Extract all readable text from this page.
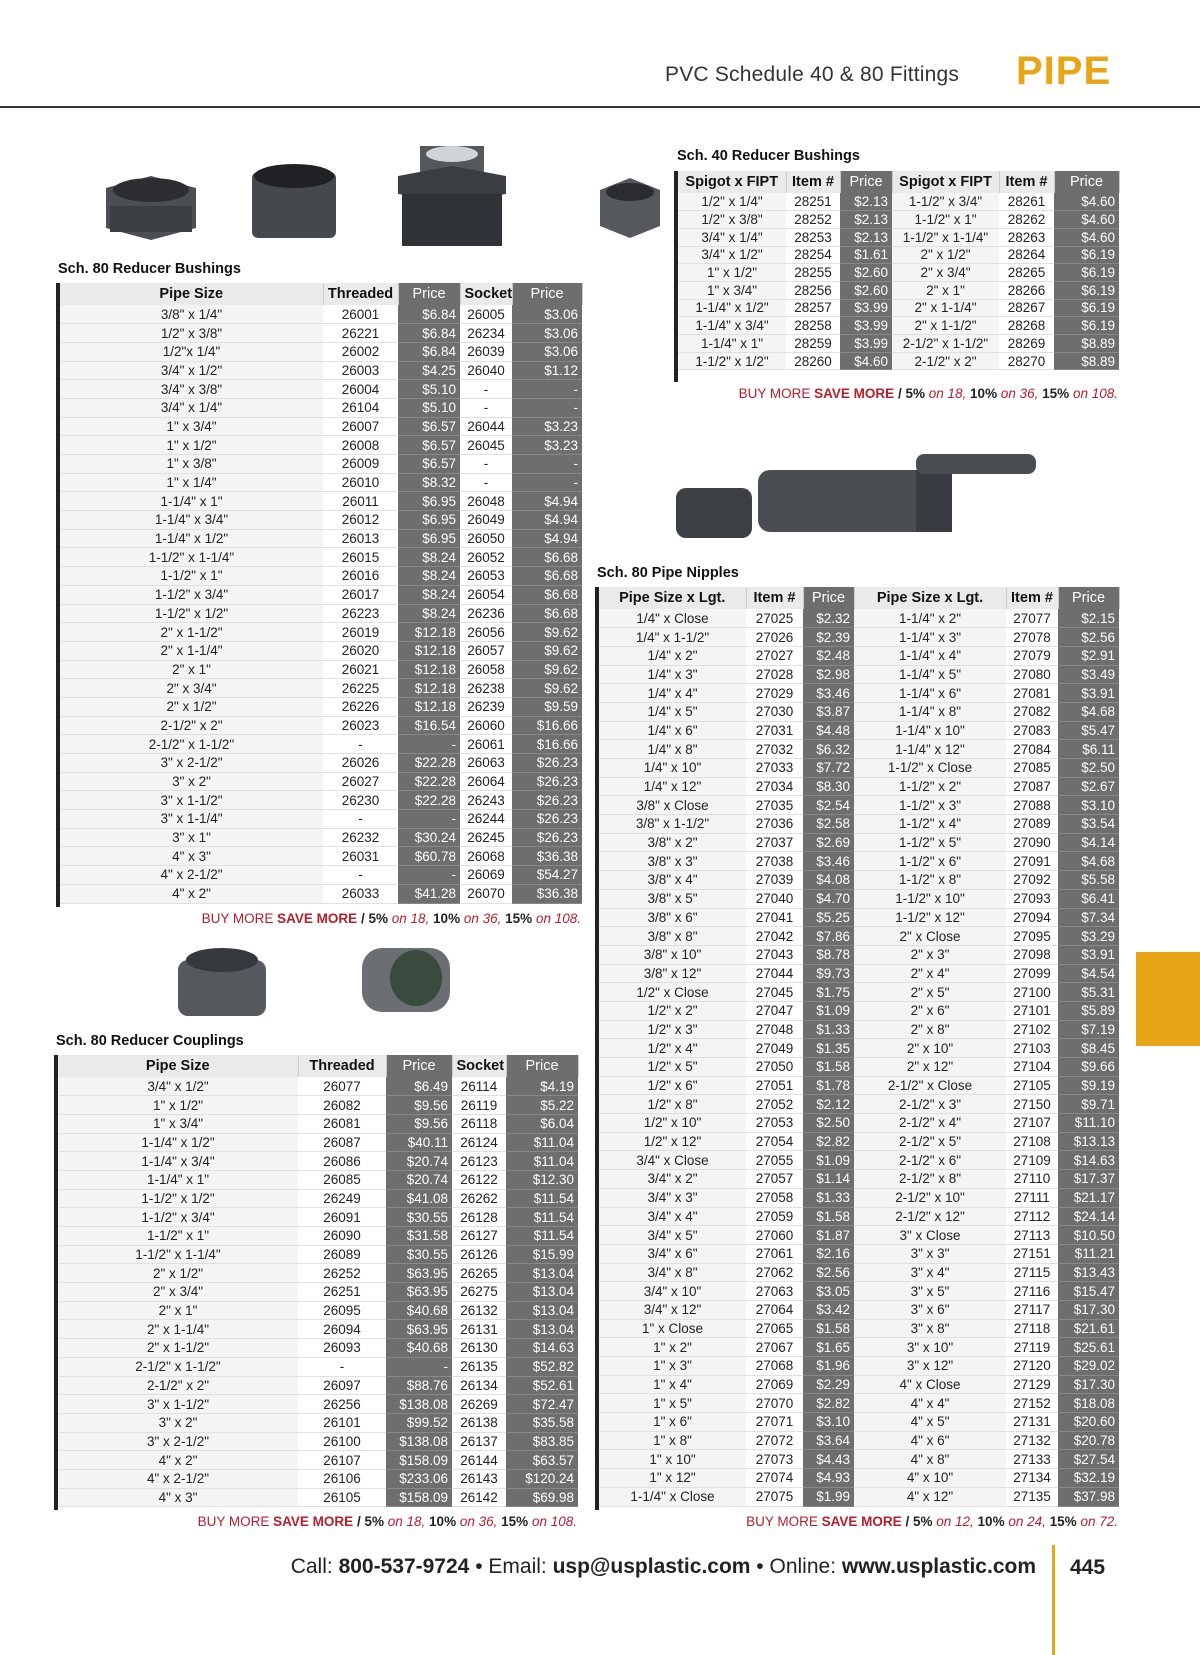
PVC Schedule 40 & 80 Fittings PIPE
Sch. 40 Reducer Bushings
Spigot x FIPT	Item #	Price	Spigot x FIPT	Item #	Price
1/2" x 1/4"	28251	$2.13	1-1/2" x 3/4"	28261	$4.60
1/2" x 3/8"	28252	$2.13	1-1/2" x 1"	28262	$4.60
3/4" x 1/4"	28253	$2.13	1-1/2" x 1-1/4"	28263	$4.60
3/4" x 1/2"	28254	$1.61	2" x 1/2"	28264	$6.19
1" x 1/2"	28255	$2.60	2" x 3/4"	28265	$6.19
1" x 3/4"	28256	$2.60	2" x 1"	28266	$6.19
1-1/4" x 1/2"	28257	$3.99	2" x 1-1/4"	28267	$6.19
1-1/4" x 3/4"	28258	$3.99	2" x 1-1/2"	28268	$6.19
1-1/4" x 1"	28259	$3.99	2-1/2" x 1-1/2"	28269	$8.89
1-1/2" x 1/2"	28260	$4.60	2-1/2" x 2"	28270	$8.89
BUY MORE SAVE MORE / 5% on 18, 10% on 36, 15% on 108.
Sch. 80 Reducer Bushings
Pipe Size	Threaded	Price	Socket	Price
3/8" x 1/4"	26001	$6.84	26005	$3.06
1/2" x 3/8"	26221	$6.84	26234	$3.06
1/2"x 1/4"	26002	$6.84	26039	$3.06
3/4" x 1/2"	26003	$4.25	26040	$1.12
3/4" x 3/8"	26004	$5.10	-	-
3/4" x 1/4"	26104	$5.10	-	-
1" x 3/4"	26007	$6.57	26044	$3.23
1" x 1/2"	26008	$6.57	26045	$3.23
1" x 3/8"	26009	$6.57	-	-
1" x 1/4"	26010	$8.32	-	-
1-1/4" x 1"	26011	$6.95	26048	$4.94
1-1/4" x 3/4"	26012	$6.95	26049	$4.94
1-1/4" x 1/2"	26013	$6.95	26050	$4.94
1-1/2" x 1-1/4"	26015	$8.24	26052	$6.68
1-1/2" x 1"	26016	$8.24	26053	$6.68
1-1/2" x 3/4"	26017	$8.24	26054	$6.68
1-1/2" x 1/2"	26223	$8.24	26236	$6.68
2" x 1-1/2"	26019	$12.18	26056	$9.62
2" x 1-1/4"	26020	$12.18	26057	$9.62
2" x 1"	26021	$12.18	26058	$9.62
2" x 3/4"	26225	$12.18	26238	$9.62
2" x 1/2"	26226	$12.18	26239	$9.59
2-1/2" x 2"	26023	$16.54	26060	$16.66
2-1/2" x 1-1/2"	-	-	26061	$16.66
3" x 2-1/2"	26026	$22.28	26063	$26.23
3" x 2"	26027	$22.28	26064	$26.23
3" x 1-1/2"	26230	$22.28	26243	$26.23
3" x 1-1/4"	-	-	26244	$26.23
3" x 1"	26232	$30.24	26245	$26.23
4" x 3"	26031	$60.78	26068	$36.38
4" x 2-1/2"	-	-	26069	$54.27
4" x 2"	26033	$41.28	26070	$36.38
BUY MORE SAVE MORE / 5% on 18, 10% on 36, 15% on 108.
Sch. 80 Reducer Couplings
Pipe Size	Threaded	Price	Socket	Price
3/4" x 1/2"	26077	$6.49	26114	$4.19
1" x 1/2"	26082	$9.56	26119	$5.22
1" x 3/4"	26081	$9.56	26118	$6.04
1-1/4" x 1/2"	26087	$40.11	26124	$11.04
1-1/4" x 3/4"	26086	$20.74	26123	$11.04
1-1/4" x 1"	26085	$20.74	26122	$12.30
1-1/2" x 1/2"	26249	$41.08	26262	$11.54
1-1/2" x 3/4"	26091	$30.55	26128	$11.54
1-1/2" x 1"	26090	$31.58	26127	$11.54
1-1/2" x 1-1/4"	26089	$30.55	26126	$15.99
2" x 1/2"	26252	$63.95	26265	$13.04
2" x 3/4"	26251	$63.95	26275	$13.04
2" x 1"	26095	$40.68	26132	$13.04
2" x 1-1/4"	26094	$63.95	26131	$13.04
2" x 1-1/2"	26093	$40.68	26130	$14.63
2-1/2" x 1-1/2"	-	-	26135	$52.82
2-1/2" x 2"	26097	$88.76	26134	$52.61
3" x 1-1/2"	26256	$138.08	26269	$72.47
3" x 2"	26101	$99.52	26138	$35.58
3" x 2-1/2"	26100	$138.08	26137	$83.85
4" x 2"	26107	$158.09	26144	$63.57
4" x 2-1/2"	26106	$233.06	26143	$120.24
4" x 3"	26105	$158.09	26142	$69.98
BUY MORE SAVE MORE / 5% on 18, 10% on 36, 15% on 108.
Sch. 80 Pipe Nipples
Pipe Size x Lgt.	Item #	Price	Pipe Size x Lgt.	Item #	Price
1/4" x Close	27025	$2.32	1-1/4" x 2"	27077	$2.15
1/4" x 1-1/2"	27026	$2.39	1-1/4" x 3"	27078	$2.56
1/4" x 2"	27027	$2.48	1-1/4" x 4"	27079	$2.91
1/4" x 3"	27028	$2.98	1-1/4" x 5"	27080	$3.49
1/4" x 4"	27029	$3.46	1-1/4" x 6"	27081	$3.91
1/4" x 5"	27030	$3.87	1-1/4" x 8"	27082	$4.68
1/4" x 6"	27031	$4.48	1-1/4" x 10"	27083	$5.47
1/4" x 8"	27032	$6.32	1-1/4" x 12"	27084	$6.11
1/4" x 10"	27033	$7.72	1-1/2" x Close	27085	$2.50
1/4" x 12"	27034	$8.30	1-1/2" x 2"	27087	$2.67
3/8" x Close	27035	$2.54	1-1/2" x 3"	27088	$3.10
3/8" x 1-1/2"	27036	$2.58	1-1/2" x 4"	27089	$3.54
3/8" x 2"	27037	$2.69	1-1/2" x 5"	27090	$4.14
3/8" x 3"	27038	$3.46	1-1/2" x 6"	27091	$4.68
3/8" x 4"	27039	$4.08	1-1/2" x 8"	27092	$5.58
3/8" x 5"	27040	$4.70	1-1/2" x 10"	27093	$6.41
3/8" x 6"	27041	$5.25	1-1/2" x 12"	27094	$7.34
3/8" x 8"	27042	$7.86	2" x Close	27095	$3.29
3/8" x 10"	27043	$8.78	2" x 3"	27098	$3.91
3/8" x 12"	27044	$9.73	2" x 4"	27099	$4.54
1/2" x Close	27045	$1.75	2" x 5"	27100	$5.31
1/2" x 2"	27047	$1.09	2" x 6"	27101	$5.89
1/2" x 3"	27048	$1.33	2" x 8"	27102	$7.19
1/2" x 4"	27049	$1.35	2" x 10"	27103	$8.45
1/2" x 5"	27050	$1.58	2" x 12"	27104	$9.66
1/2" x 6"	27051	$1.78	2-1/2" x Close	27105	$9.19
1/2" x 8"	27052	$2.12	2-1/2" x 3"	27150	$9.71
1/2" x 10"	27053	$2.50	2-1/2" x 4"	27107	$11.10
1/2" x 12"	27054	$2.82	2-1/2" x 5"	27108	$13.13
3/4" x Close	27055	$1.09	2-1/2" x 6"	27109	$14.63
3/4" x 2"	27057	$1.14	2-1/2" x 8"	27110	$17.37
3/4" x 3"	27058	$1.33	2-1/2" x 10"	27111	$21.17
3/4" x 4"	27059	$1.58	2-1/2" x 12"	27112	$24.14
3/4" x 5"	27060	$1.87	3" x Close	27113	$10.50
3/4" x 6"	27061	$2.16	3" x 3"	27151	$11.21
3/4" x 8"	27062	$2.56	3" x 4"	27115	$13.43
3/4" x 10"	27063	$3.05	3" x 5"	27116	$15.47
3/4" x 12"	27064	$3.42	3" x 6"	27117	$17.30
1" x Close	27065	$1.58	3" x 8"	27118	$21.61
1" x 2"	27067	$1.65	3" x 10"	27119	$25.61
1" x 3"	27068	$1.96	3" x 12"	27120	$29.02
1" x 4"	27069	$2.29	4" x Close	27129	$17.30
1" x 5"	27070	$2.82	4" x 4"	27152	$18.08
1" x 6"	27071	$3.10	4" x 5"	27131	$20.60
1" x 8"	27072	$3.64	4" x 6"	27132	$20.78
1" x 10"	27073	$4.43	4" x 8"	27133	$27.54
1" x 12"	27074	$4.93	4" x 10"	27134	$32.19
1-1/4" x Close	27075	$1.99	4" x 12"	27135	$37.98
BUY MORE SAVE MORE / 5% on 12, 10% on 24, 15% on 72.
Call: 800-537-9724 • Email: usp@usplastic.com • Online: www.usplastic.com 445
